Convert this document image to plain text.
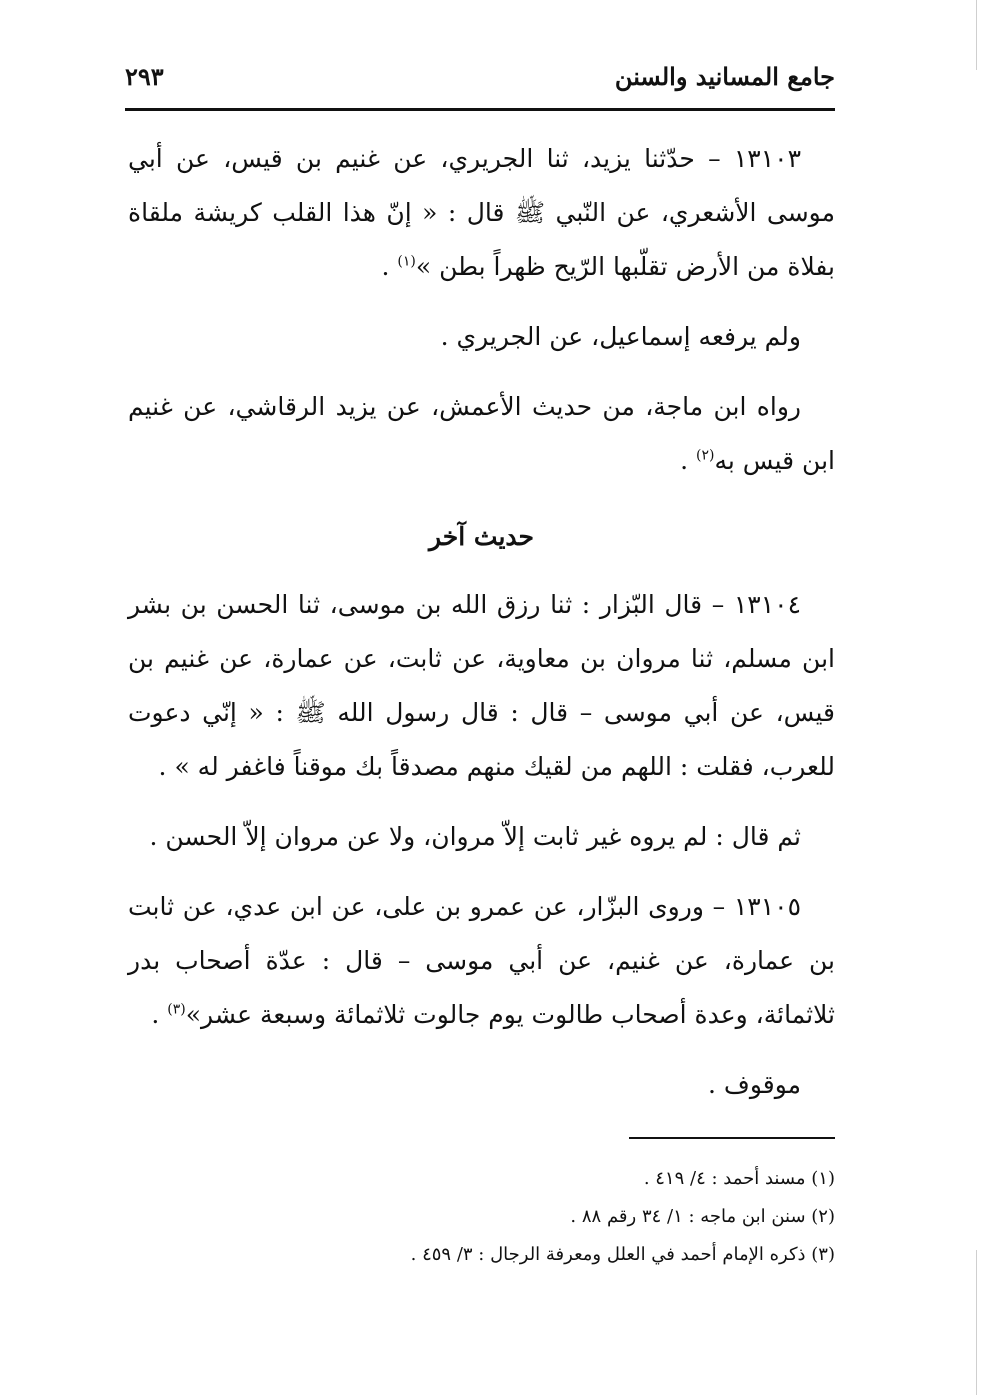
جامع المسانيد والسنن
٢٩٣

١٣١٠٣ – حدّثنا يزيد، ثنا الجريري، عن غنيم بن قيس، عن أبي موسى الأشعري، عن النّبي ﷺ قال : « إنّ هذا القلب كريشة ملقاة بفلاة من الأرض تقلّبها الرّيح ظهراً بطن »$^{(١)}$ .

ولم يرفعه إسماعيل، عن الجريري .

رواه ابن ماجة، من حديث الأعمش، عن يزيد الرقاشي، عن غنيم ابن قيس به$^{(٢)}$ .

حديث آخر

١٣١٠٤ – قال البّزار : ثنا رزق الله بن موسى، ثنا الحسن بن بشر ابن مسلم، ثنا مروان بن معاوية، عن ثابت، عن عمارة، عن غنيم بن قيس، عن أبي موسى – قال : قال رسول الله ﷺ : « إنّي دعوت للعرب، فقلت : اللهم من لقيك منهم مصدقاً بك موقناً فاغفر له » .

ثم قال : لم يروه غير ثابت إلاّ مروان، ولا عن مروان إلاّ الحسن .

١٣١٠٥ – وروى البزّار، عن عمرو بن على، عن ابن عدي، عن ثابت بن عمارة، عن غنيم، عن أبي موسى – قال : عدّة أصحاب بدر ثلاثمائة، وعدة أصحاب طالوت يوم جالوت ثلاثمائة وسبعة عشر»$^{(٣)}$ .

موقوف .

(١) مسند أحمد : ٤/ ٤١٩ .

(٢) سنن ابن ماجه : ١/ ٣٤ رقم ٨٨ .

(٣) ذكره الإمام أحمد في العلل ومعرفة الرجال : ٣/ ٤٥٩ .
